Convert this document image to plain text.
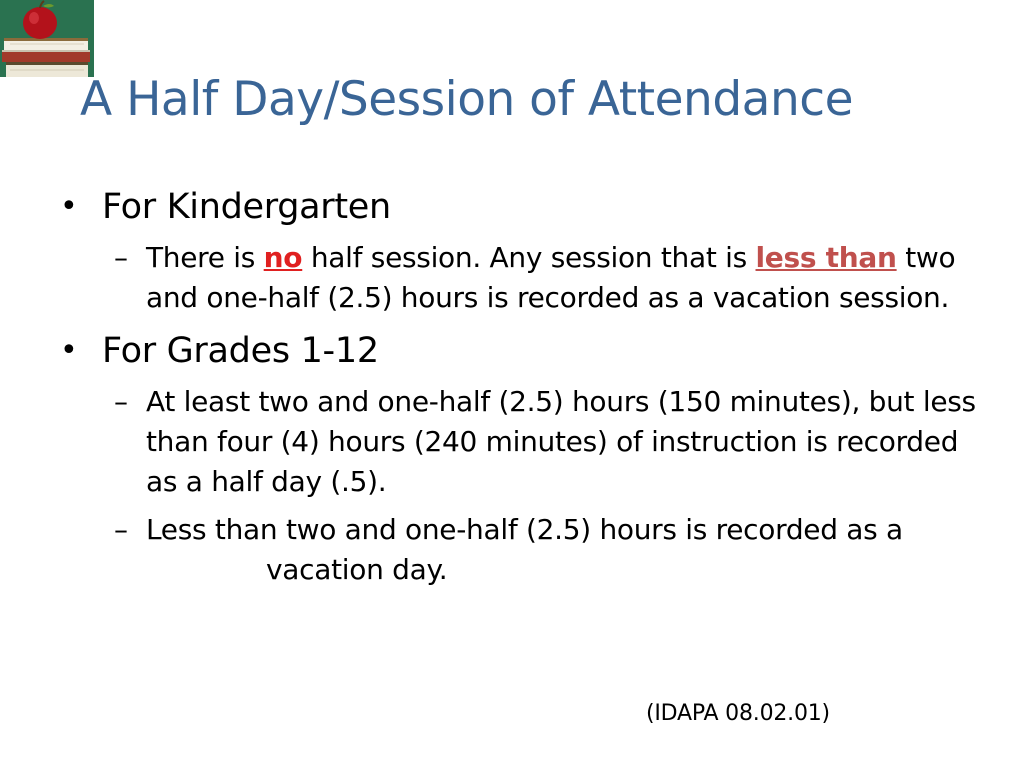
A Half Day/Session of Attendance
• For Kindergarten
– There is no half session. Any session that is less than two and one-half (2.5) hours is recorded as a vacation session.
• For Grades 1-12
– At least two and one-half (2.5) hours (150 minutes), but less than four (4) hours (240 minutes) of instruction is recorded as a half day (.5).
– Less than two and one-half (2.5) hours is recorded as a
vacation day.
(IDAPA 08.02.01)
